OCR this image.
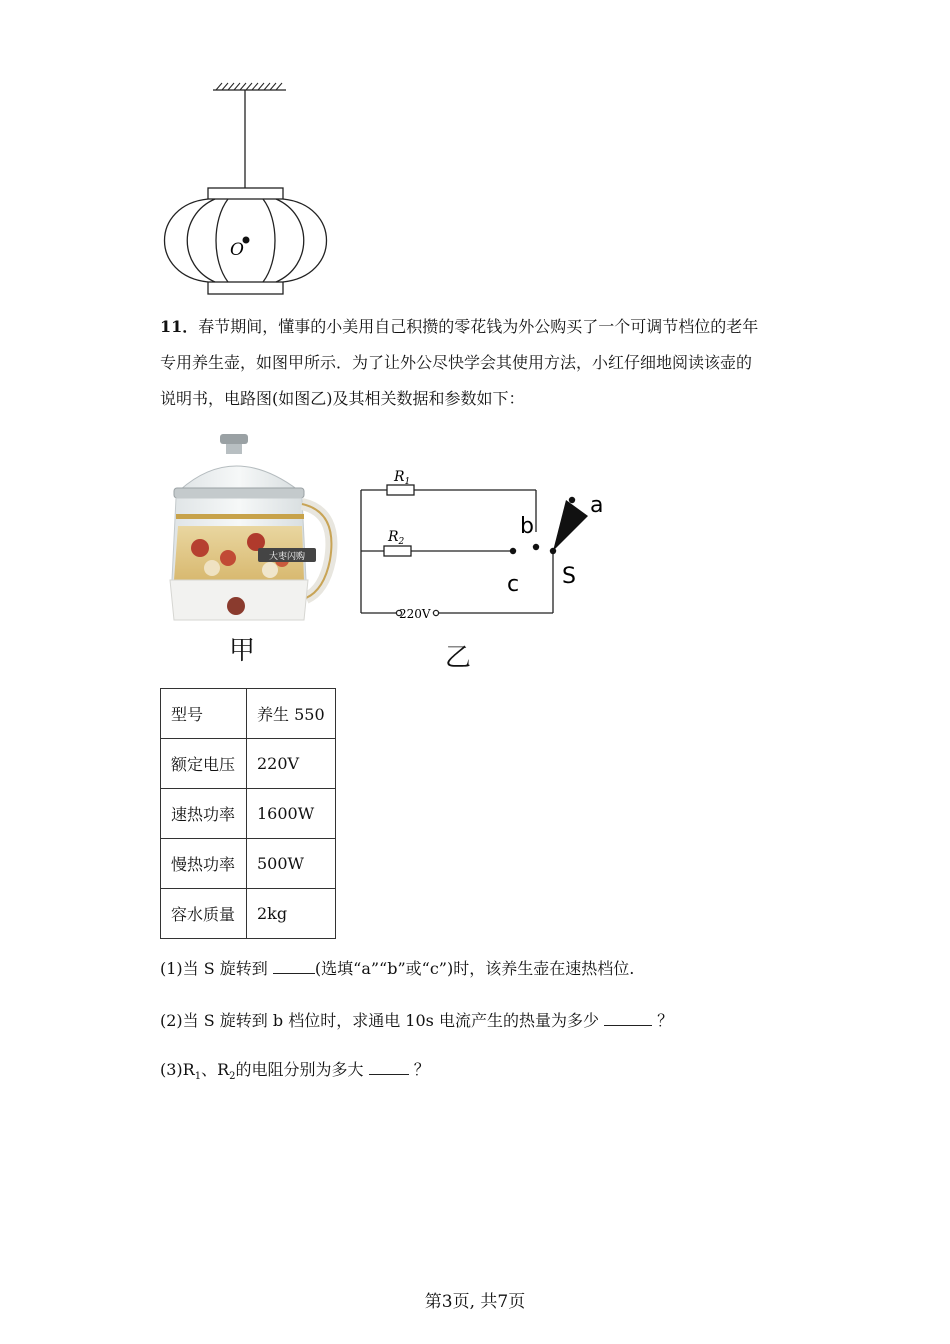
O
11．春节期间，懂事的小美用自己积攒的零花钱为外公购买了一个可调节档位的老年
专用养生壶，如图甲所示．为了让外公尽快学会其使用方法，小红仔细地阅读该壶的
说明书，电路图(如图乙)及其相关数据和参数如下：
大枣闪购
$R_1$
$R_2$
220V
a
b
c S
甲	乙
型号	养生 550
额定电压	220V
速热功率	1600W
慢热功率	500W
容水质量	2kg
(1)当 S 旋转到	(选填“a”“b”或“c”)时，该养生壶在速热档位.
(2)当 S 旋转到 b 档位时，求通电 10s 电流产生的热量为多少	？
$(3)R_1$、$R_2$的电阻分别为多大	？
第3页, 共7页
